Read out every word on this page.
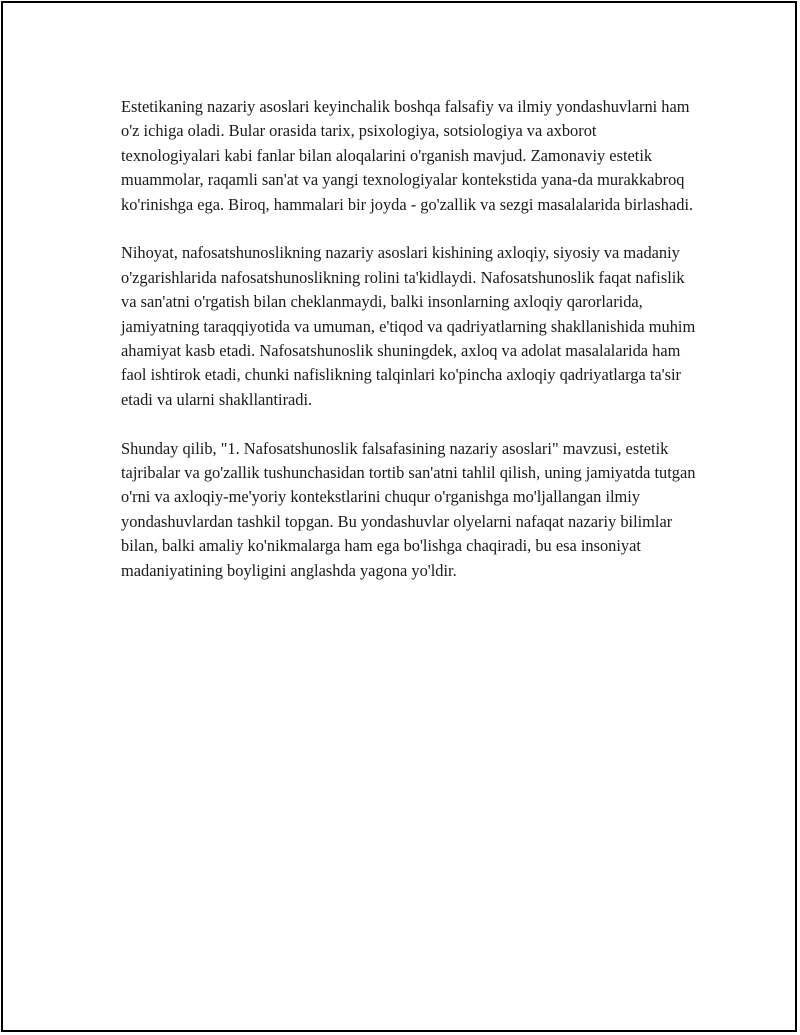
Estetikaning nazariy asoslari keyinchalik boshqa falsafiy va ilmiy yondashuvlarni ham o'z ichiga oladi. Bular orasida tarix, psixologiya, sotsiologiya va axborot texnologiyalari kabi fanlar bilan aloqalarini o'rganish mavjud. Zamonaviy estetik muammolar, raqamli san'at va yangi texnologiyalar kontekstida yana-da murakkabroq ko'rinishga ega. Biroq, hammalari bir joyda - go'zallik va sezgi masalalarida birlashadi.

Nihoyat, nafosatshunoslikning nazariy asoslari kishining axloqiy, siyosiy va madaniy o'zgarishlarida nafosatshunoslikning rolini ta'kidlaydi. Nafosatshunoslik faqat nafislik va san'atni o'rgatish bilan cheklanmaydi, balki insonlarning axloqiy qarorlarida, jamiyatning taraqqiyotida va umuman, e'tiqod va qadriyatlarning shakllanishida muhim ahamiyat kasb etadi. Nafosatshunoslik shuningdek, axloq va adolat masalalarida ham faol ishtirok etadi, chunki nafislikning talqinlari ko'pincha axloqiy qadriyatlarga ta'sir etadi va ularni shakllantiradi.

Shunday qilib, "1. Nafosatshunoslik falsafasining nazariy asoslari" mavzusi, estetik tajribalar va go'zallik tushunchasidan tortib san'atni tahlil qilish, uning jamiyatda tutgan o'rni va axloqiy-me'yoriy kontekstlarini chuqur o'rganishga mo'ljallangan ilmiy yondashuvlardan tashkil topgan. Bu yondashuvlar olyelarni nafaqat nazariy bilimlar bilan, balki amaliy ko'nikmalarga ham ega bo'lishga chaqiradi, bu esa insoniyat madaniyatining boyligini anglashda yagona yo'ldir.
